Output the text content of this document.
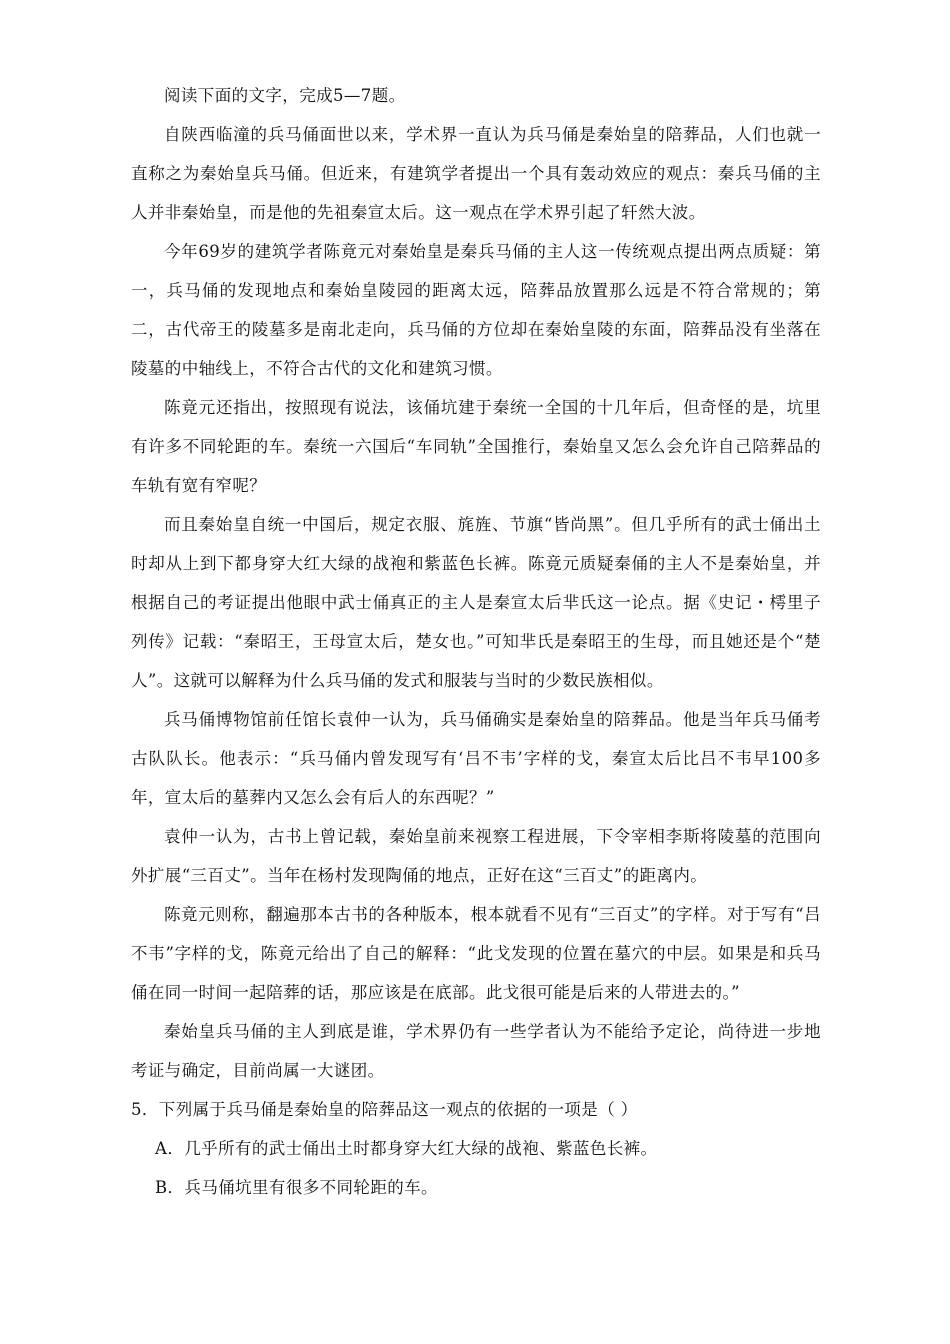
阅读下面的文字，完成5—7题。

自陕西临潼的兵马俑面世以来，学术界一直认为兵马俑是秦始皇的陪葬品，人们也就一直称之为秦始皇兵马俑。但近来，有建筑学者提出一个具有轰动效应的观点：秦兵马俑的主人并非秦始皇，而是他的先祖秦宣太后。这一观点在学术界引起了轩然大波。

今年69岁的建筑学者陈竟元对秦始皇是秦兵马俑的主人这一传统观点提出两点质疑：第一，兵马俑的发现地点和秦始皇陵园的距离太远，陪葬品放置那么远是不符合常规的；第二，古代帝王的陵墓多是南北走向，兵马俑的方位却在秦始皇陵的东面，陪葬品没有坐落在陵墓的中轴线上，不符合古代的文化和建筑习惯。

陈竟元还指出，按照现有说法，该俑坑建于秦统一全国的十几年后，但奇怪的是，坑里有许多不同轮距的车。秦统一六国后“车同轨”全国推行，秦始皇又怎么会允许自己陪葬品的车轨有宽有窄呢？

而且秦始皇自统一中国后，规定衣服、旄旌、节旗“皆尚黑”。但几乎所有的武士俑出土时却从上到下都身穿大红大绿的战袍和紫蓝色长裤。陈竟元质疑秦俑的主人不是秦始皇，并根据自己的考证提出他眼中武士俑真正的主人是秦宣太后芈氏这一论点。据《史记・樗里子列传》记载：“秦昭王，王母宣太后，楚女也。”可知芈氏是秦昭王的生母，而且她还是个“楚人”。这就可以解释为什么兵马俑的发式和服装与当时的少数民族相似。

兵马俑博物馆前任馆长袁仲一认为，兵马俑确实是秦始皇的陪葬品。他是当年兵马俑考古队队长。他表示：“兵马俑内曾发现写有‘吕不韦’字样的戈，秦宣太后比吕不韦早100多年，宣太后的墓葬内又怎么会有后人的东西呢？”

袁仲一认为，古书上曾记载，秦始皇前来视察工程进展，下令宰相李斯将陵墓的范围向外扩展“三百丈”。当年在杨村发现陶俑的地点，正好在这“三百丈”的距离内。

陈竟元则称，翻遍那本古书的各种版本，根本就看不见有“三百丈”的字样。对于写有“吕不韦”字样的戈，陈竟元给出了自己的解释：“此戈发现的位置在墓穴的中层。如果是和兵马俑在同一时间一起陪葬的话，那应该是在底部。此戈很可能是后来的人带进去的。”

秦始皇兵马俑的主人到底是谁，学术界仍有一些学者认为不能给予定论，尚待进一步地考证与确定，目前尚属一大谜团。

5．下列属于兵马俑是秦始皇的陪葬品这一观点的依据的一项是（ ）

A．几乎所有的武士俑出土时都身穿大红大绿的战袍、紫蓝色长裤。

B．兵马俑坑里有很多不同轮距的车。
